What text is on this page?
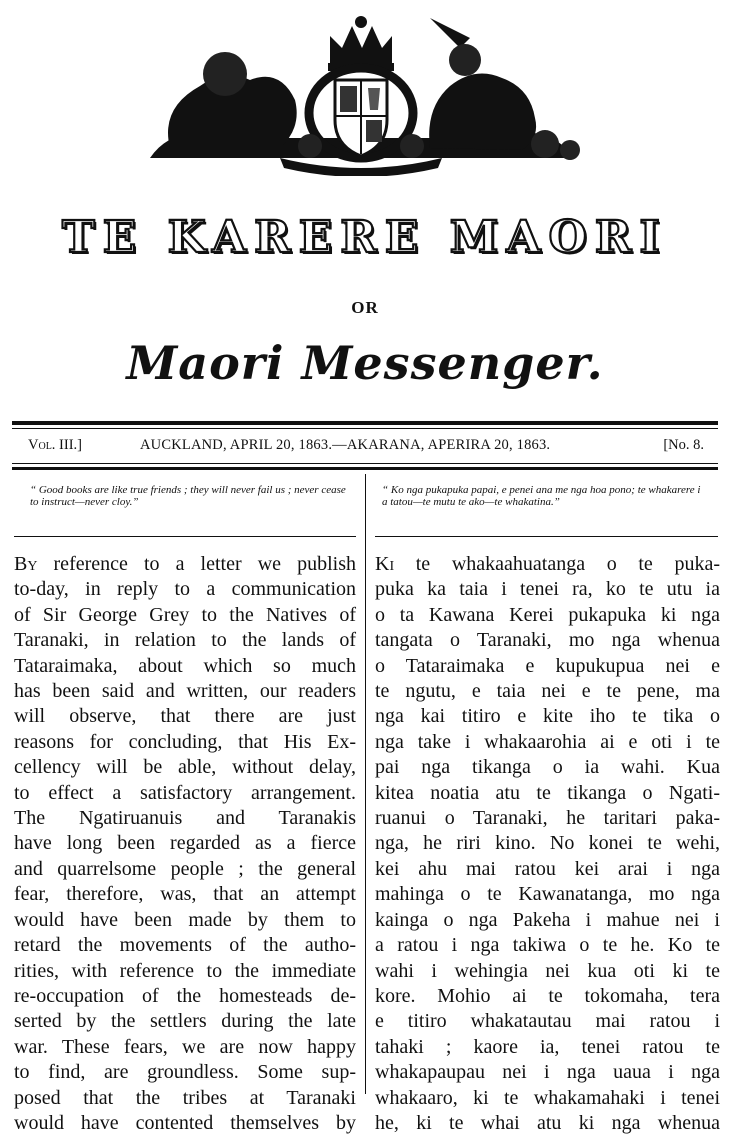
TE KARERE MAORI
OR
Maori Messenger.
Vol. III.]	AUCKLAND, APRIL 20, 1863.—AKARANA, APERIRA 20, 1863.	[No. 8.
“ Good books are like true friends ; they will never fail us ; never cease to instruct—never cloy.”
“ Ko nga pukapuka papai, e penei ana me nga hoa pono; te whakarere i a tatou—te mutu te ako—te whakatina.”
By reference to a letter we publish
to-day, in reply to a communication
of Sir George Grey to the Natives of
Taranaki, in relation to the lands of
Tataraimaka, about which so much
has been said and written, our readers
will observe, that there are just
reasons for concluding, that His Ex-
cellency will be able, without delay,
to effect a satisfactory arrangement.
The Ngatiruanuis and Taranakis
have long been regarded as a fierce
and quarrelsome people ; the general
fear, therefore, was, that an attempt
would have been made by them to
retard the movements of the autho-
rities, with reference to the immediate
re-occupation of the homesteads de-
serted by the settlers during the late
war. These fears, we are now happy
to find, are groundless. Some sup-
posed that the tribes at Taranaki
would have contented themselves by
Ki te whakaahuatanga o te puka-
puka ka taia i tenei ra, ko te utu ia
o ta Kawana Kerei pukapuka ki nga
tangata o Taranaki, mo nga whenua
o Tataraimaka e kupukupua nei e
te ngutu, e taia nei e te pene, ma
nga kai titiro e kite iho te tika o
nga take i whakaarohia ai e oti i te
pai nga tikanga o ia wahi. Kua
kitea noatia atu te tikanga o Ngati-
ruanui o Taranaki, he taritari paka-
nga, he riri kino. No konei te wehi,
kei ahu mai ratou kei arai i nga
mahinga o te Kawanatanga, mo nga
kainga o nga Pakeha i mahue nei i
a ratou i nga takiwa o te he. Ko te
wahi i wehingia nei kua oti ki te
kore. Mohio ai te tokomaha, tera
e titiro whakatautau mai ratou i
tahaki ; kaore ia, tenei ratou te
whakapaupau nei i nga uaua i nga
whakaaro, ki te whakamahaki i tenei
he, ki te whai atu ki nga whenua
